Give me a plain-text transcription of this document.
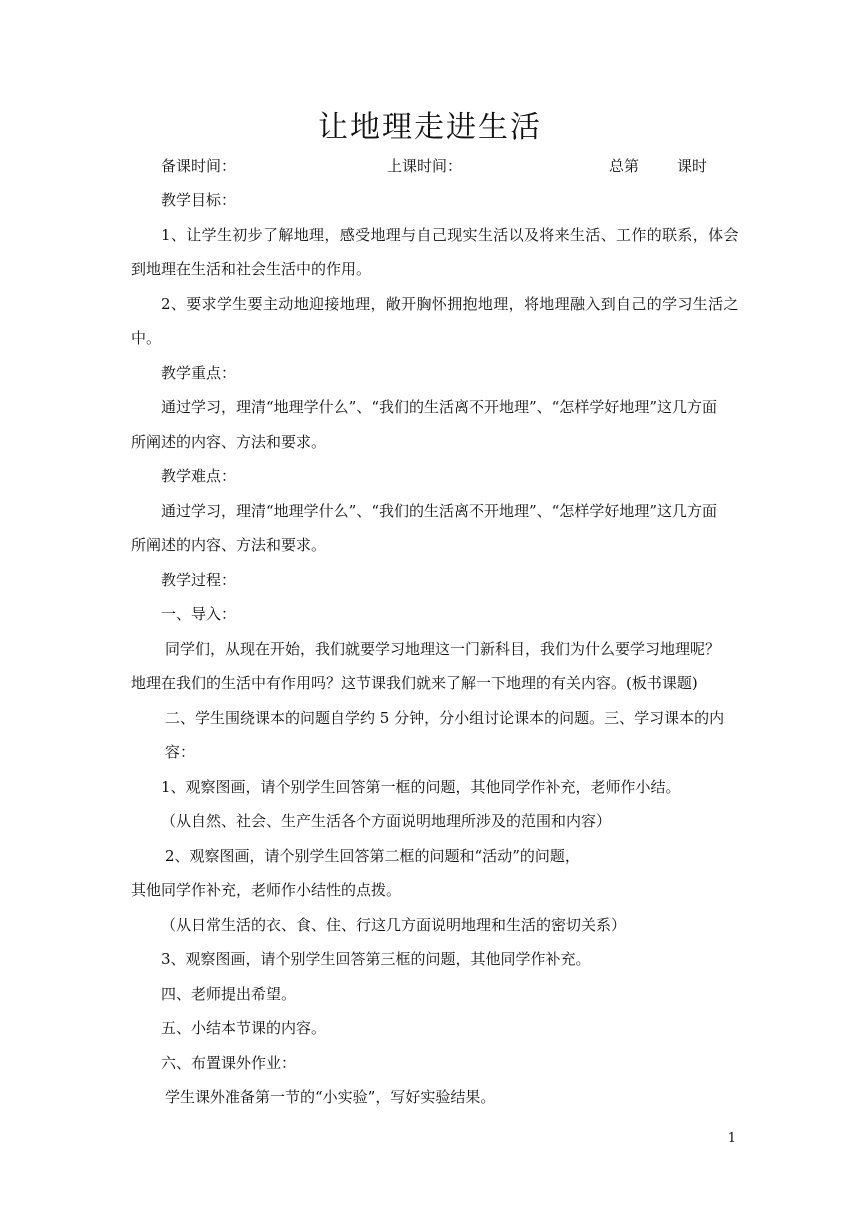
让地理走进生活
备课时间：	上课时间：	总第	课时
教学目标：
1、让学生初步了解地理，感受地理与自己现实生活以及将来生活、工作的联系，体会
到地理在生活和社会生活中的作用。
2、要求学生要主动地迎接地理，敞开胸怀拥抱地理，将地理融入到自己的学习生活之
中。
教学重点：
通过学习，理清“地理学什么”、“我们的生活离不开地理”、“怎样学好地理”这几方面
所阐述的内容、方法和要求。
教学难点：
通过学习，理清“地理学什么”、“我们的生活离不开地理”、“怎样学好地理”这几方面
所阐述的内容、方法和要求。
教学过程：
一、导入：
同学们，从现在开始，我们就要学习地理这一门新科目，我们为什么要学习地理呢？
地理在我们的生活中有作用吗？这节课我们就来了解一下地理的有关内容。(板书课题)
二、学生围绕课本的问题自学约 5 分钟，分小组讨论课本的问题。三、学习课本的内
容：
1、观察图画，请个别学生回答第一框的问题，其他同学作补充，老师作小结。
（从自然、社会、生产生活各个方面说明地理所涉及的范围和内容）
2、观察图画，请个别学生回答第二框的问题和“活动”的问题，
其他同学作补充，老师作小结性的点拨。
（从日常生活的衣、食、住、行这几方面说明地理和生活的密切关系）
3、观察图画，请个别学生回答第三框的问题，其他同学作补充。
四、老师提出希望。
五、小结本节课的内容。
六、布置课外作业：
学生课外准备第一节的“小实验”，写好实验结果。
1
